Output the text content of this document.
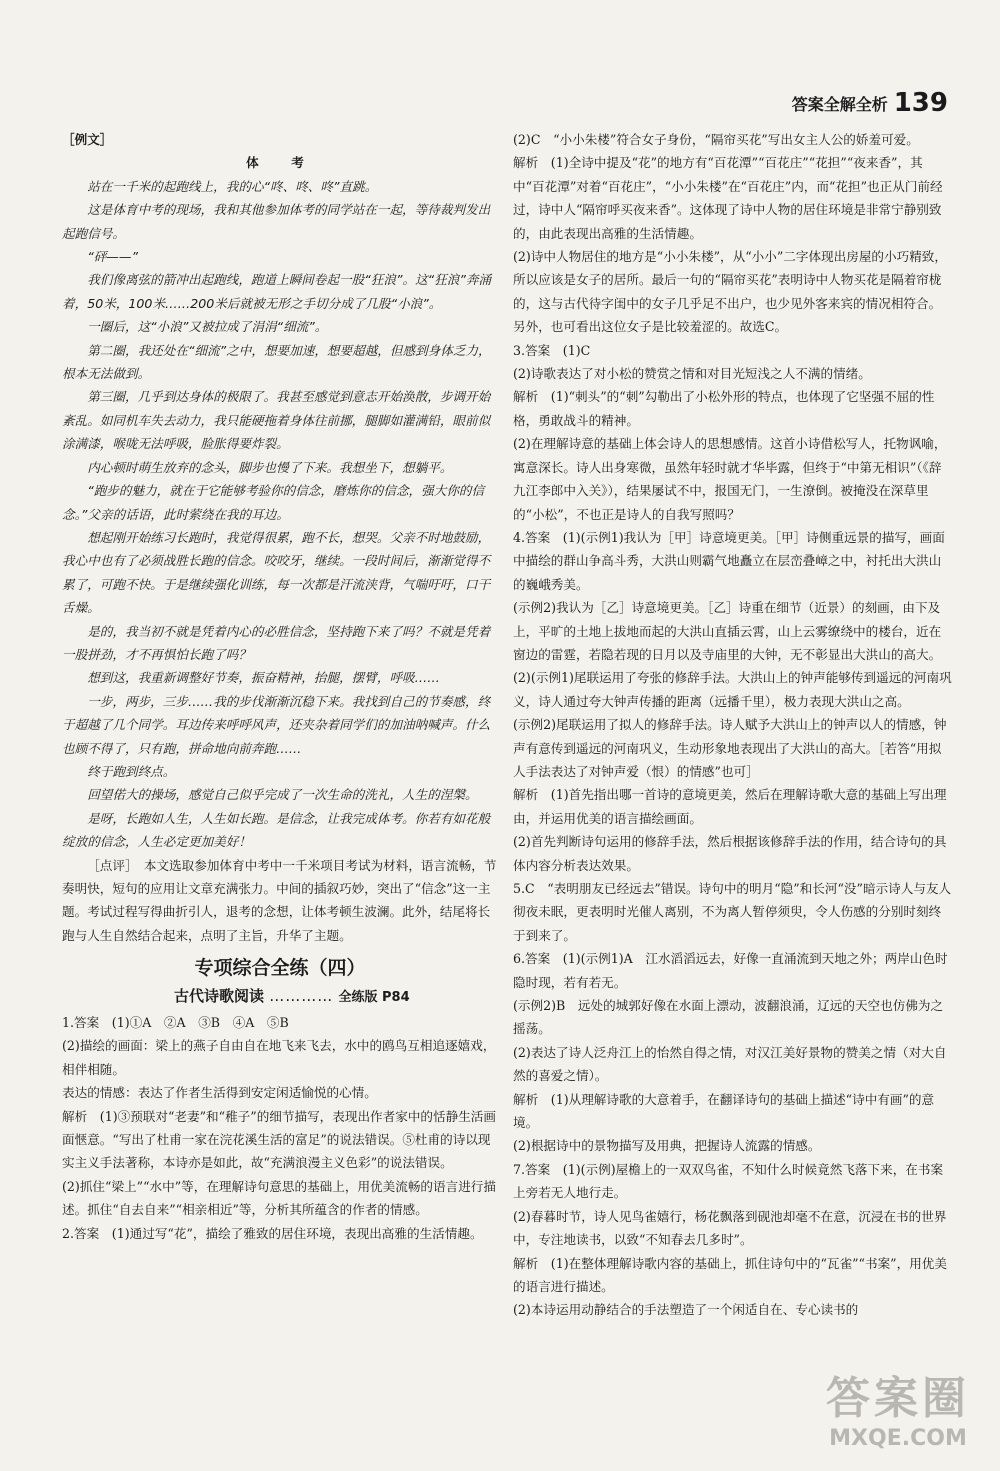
答案全解全析 139

［例文］

体　考

站在一千米的起跑线上，我的心“咚、咚、咚”直跳。

这是体育中考的现场，我和其他参加体考的同学站在一起，等待裁判发出起跑信号。

“砰——”

我们像离弦的箭冲出起跑线，跑道上瞬间卷起一股“狂浪”。这“狂浪”奔涌着，50米，100米……200米后就被无形之手切分成了几股“小浪”。

一圈后，这“小浪”又被拉成了涓涓“细流”。

第二圈，我还处在“细流”之中，想要加速，想要超越，但感到身体乏力，根本无法做到。

第三圈，几乎到达身体的极限了。我甚至感觉到意志开始涣散，步调开始紊乱。如同机车失去动力，我只能硬拖着身体往前挪，腿脚如灌满铅，眼前似涂满漆，喉咙无法呼吸，脸胀得要炸裂。

内心顿时萌生放弃的念头，脚步也慢了下来。我想坐下，想躺平。

“跑步的魅力，就在于它能够考验你的信念，磨炼你的信念，强大你的信念。”父亲的话语，此时萦绕在我的耳边。

想起刚开始练习长跑时，我觉得很累，跑不长，想哭。父亲不时地鼓励，我心中也有了必须战胜长跑的信念。咬咬牙，继续。一段时间后，渐渐觉得不累了，可跑不快。于是继续强化训练，每一次都是汗流浃背，气喘吁吁，口干舌燥。

是的，我当初不就是凭着内心的必胜信念，坚持跑下来了吗？不就是凭着一股拼劲，才不再惧怕长跑了吗？

想到这，我重新调整好节奏，振奋精神，抬腿，摆臂，呼吸……

一步，两步，三步……我的步伐渐渐沉稳下来。我找到自己的节奏感，终于超越了几个同学。耳边传来呼呼风声，还夹杂着同学们的加油呐喊声。什么也顾不得了，只有跑，拼命地向前奔跑……

终于跑到终点。

回望偌大的操场，感觉自己似乎完成了一次生命的洗礼，人生的涅槃。

是呀，长跑如人生，人生如长跑。是信念，让我完成体考。你若有如花般绽放的信念，人生必定更加美好！

［点评］　本文选取参加体育中考中一千米项目考试为材料，语言流畅，节奏明快，短句的应用让文章充满张力。中间的插叙巧妙，突出了“信念”这一主题。考试过程写得曲折引人，退考的念想，让体考顿生波澜。此外，结尾将长跑与人生自然结合起来，点明了主旨，升华了主题。

专项综合全练（四）
古代诗歌阅读 ………… 全练版 P84

1.答案　(1)①A　②A　③B　④A　⑤B

(2)描绘的画面：梁上的燕子自由自在地飞来飞去，水中的鸥鸟互相追逐嬉戏，相伴相随。

表达的情感：表达了作者生活得到安定闲适愉悦的心情。

解析　(1)③预联对“老妻”和“稚子”的细节描写，表现出作者家中的恬静生活画面惬意。“写出了杜甫一家在浣花溪生活的富足”的说法错误。⑤杜甫的诗以现实主义手法著称，本诗亦是如此，故“充满浪漫主义色彩”的说法错误。

(2)抓住“梁上”“水中”等，在理解诗句意思的基础上，用优美流畅的语言进行描述。抓住“自去自来”“相亲相近”等，分析其所蕴含的作者的情感。

2.答案　(1)通过写“花”，描绘了雅致的居住环境，表现出高雅的生活情趣。

(2)C　“小小朱楼”符合女子身份，“隔帘买花”写出女主人公的娇羞可爱。

解析　(1)全诗中提及“花”的地方有“百花潭”“百花庄”“花担”“夜来香”，其中“百花潭”对着“百花庄”，“小小朱楼”在“百花庄”内，而“花担”也正从门前经过，诗中人“隔帘呼买夜来香”。这体现了诗中人物的居住环境是非常宁静别致的，由此表现出高雅的生活情趣。

(2)诗中人物居住的地方是“小小朱楼”，从“小小”二字体现出房屋的小巧精致，所以应该是女子的居所。最后一句的“隔帘买花”表明诗中人物买花是隔着帘栊的，这与古代待字闺中的女子几乎足不出户，也少见外客来宾的情况相符合。另外，也可看出这位女子是比较羞涩的。故选C。

3.答案　(1)C

(2)诗歌表达了对小松的赞赏之情和对目光短浅之人不满的情绪。

解析　(1)“刺头”的“刺”勾勒出了小松外形的特点，也体现了它坚强不屈的性格，勇敢战斗的精神。

(2)在理解诗意的基础上体会诗人的思想感情。这首小诗借松写人，托物讽喻，寓意深长。诗人出身寒微，虽然年轻时就才华毕露，但终于“中第无相识”（《辞九江李郎中入关》），结果屡试不中，报国无门，一生潦倒。被掩没在深草里的“小松”，不也正是诗人的自我写照吗？

4.答案　(1)(示例1)我认为［甲］诗意境更美。［甲］诗侧重远景的描写，画面中描绘的群山争高斗秀，大洪山则霸气地矗立在层峦叠嶂之中，衬托出大洪山的巍峨秀美。

(示例2)我认为［乙］诗意境更美。［乙］诗重在细节（近景）的刻画，由下及上，平旷的土地上拔地而起的大洪山直插云霄，山上云雾缭绕中的楼台，近在窗边的雷霆，若隐若现的日月以及寺庙里的大钟，无不彰显出大洪山的高大。

(2)(示例1)尾联运用了夸张的修辞手法。大洪山上的钟声能够传到遥远的河南巩义，诗人通过夸大钟声传播的距离（远播千里），极力表现大洪山之高。

(示例2)尾联运用了拟人的修辞手法。诗人赋予大洪山上的钟声以人的情感，钟声有意传到遥远的河南巩义，生动形象地表现出了大洪山的高大。［若答“用拟人手法表达了对钟声爱（恨）的情感”也可］

解析　(1)首先指出哪一首诗的意境更美，然后在理解诗歌大意的基础上写出理由，并运用优美的语言描绘画面。

(2)首先判断诗句运用的修辞手法，然后根据该修辞手法的作用，结合诗句的具体内容分析表达效果。

5.C　“表明朋友已经远去”错误。诗句中的明月“隐”和长河“没”暗示诗人与友人彻夜未眠，更表明时光催人离别，不为离人暂停须臾，令人伤感的分别时刻终于到来了。

6.答案　(1)(示例1)A　江水滔滔远去，好像一直涌流到天地之外；两岸山色时隐时现，若有若无。

(示例2)B　远处的城郭好像在水面上漂动，波翻浪涌，辽远的天空也仿佛为之摇荡。

(2)表达了诗人泛舟江上的怡然自得之情，对汉江美好景物的赞美之情（对大自然的喜爱之情）。

解析　(1)从理解诗歌的大意着手，在翻译诗句的基础上描述“诗中有画”的意境。

(2)根据诗中的景物描写及用典，把握诗人流露的情感。

7.答案　(1)(示例)屋檐上的一双双鸟雀，不知什么时候竟然飞落下来，在书案上旁若无人地行走。

(2)春暮时节，诗人见鸟雀嬉行，杨花飘落到砚池却毫不在意，沉浸在书的世界中，专注地读书，以致“不知春去几多时”。

解析　(1)在整体理解诗歌内容的基础上，抓住诗句中的“瓦雀”“书案”，用优美的语言进行描述。

(2)本诗运用动静结合的手法塑造了一个闲适自在、专心读书的

答案圈
MXQE.COM
